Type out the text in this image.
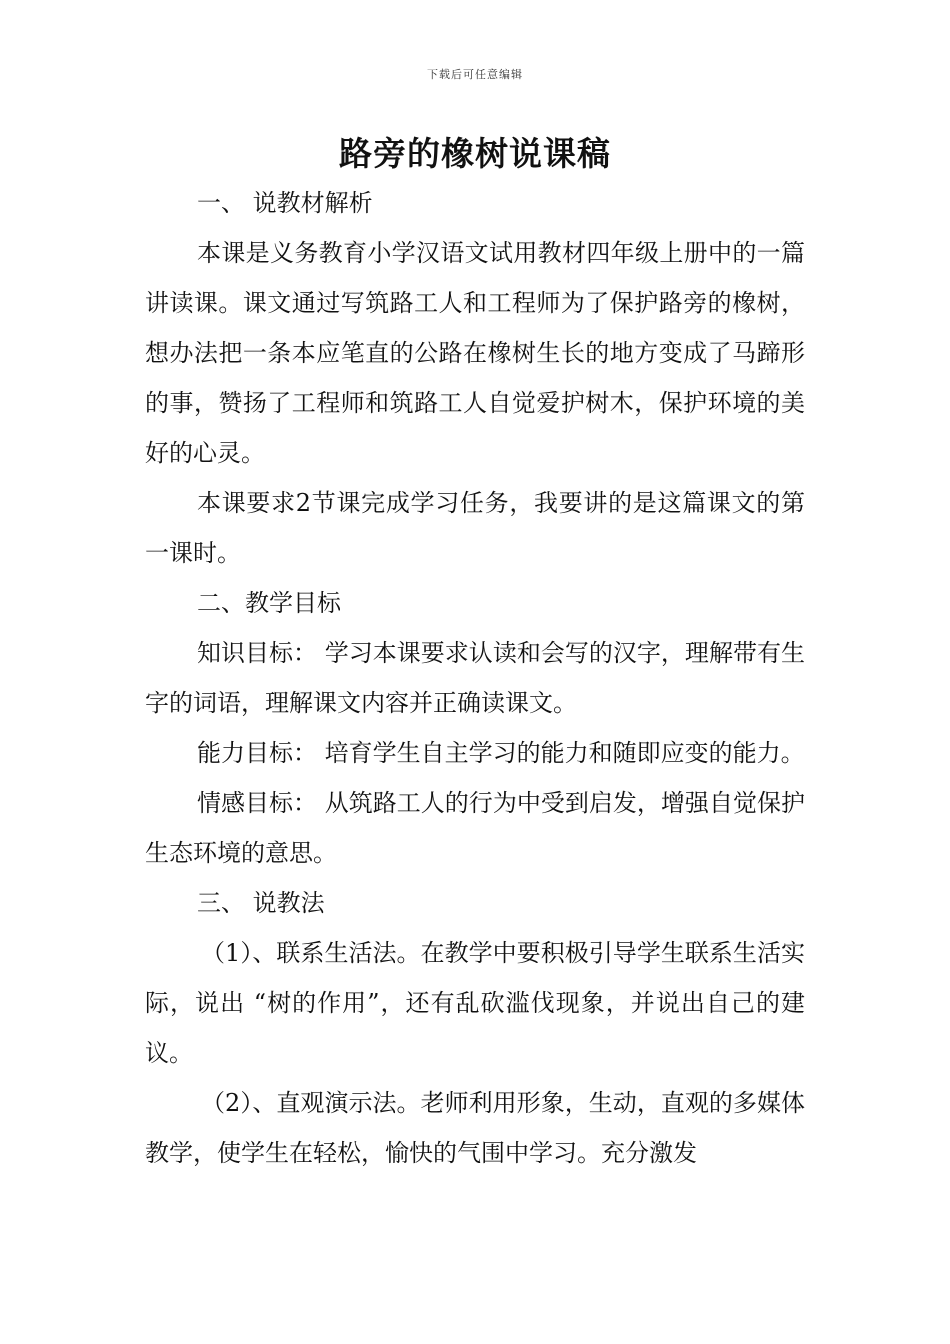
下载后可任意编辑
路旁的橡树说课稿

一、 说教材解析

本课是义务教育小学汉语文试用教材四年级上册中的一篇讲读课。课文通过写筑路工人和工程师为了保护路旁的橡树，想办法把一条本应笔直的公路在橡树生长的地方变成了马蹄形的事，赞扬了工程师和筑路工人自觉爱护树木，保护环境的美好的心灵。

本课要求2节课完成学习任务，我要讲的是这篇课文的第一课时。

二、教学目标

知识目标： 学习本课要求认读和会写的汉字，理解带有生字的词语，理解课文内容并正确读课文。

能力目标： 培育学生自主学习的能力和随即应变的能力。

情感目标： 从筑路工人的行为中受到启发，增强自觉保护生态环境的意思。

三、 说教法

（1）、联系生活法。在教学中要积极引导学生联系生活实际，说出 “树的作用”，还有乱砍滥伐现象，并说出自己的建议。

（2）、直观演示法。老师利用形象，生动，直观的多媒体教学，使学生在轻松，愉快的气围中学习。充分激发
